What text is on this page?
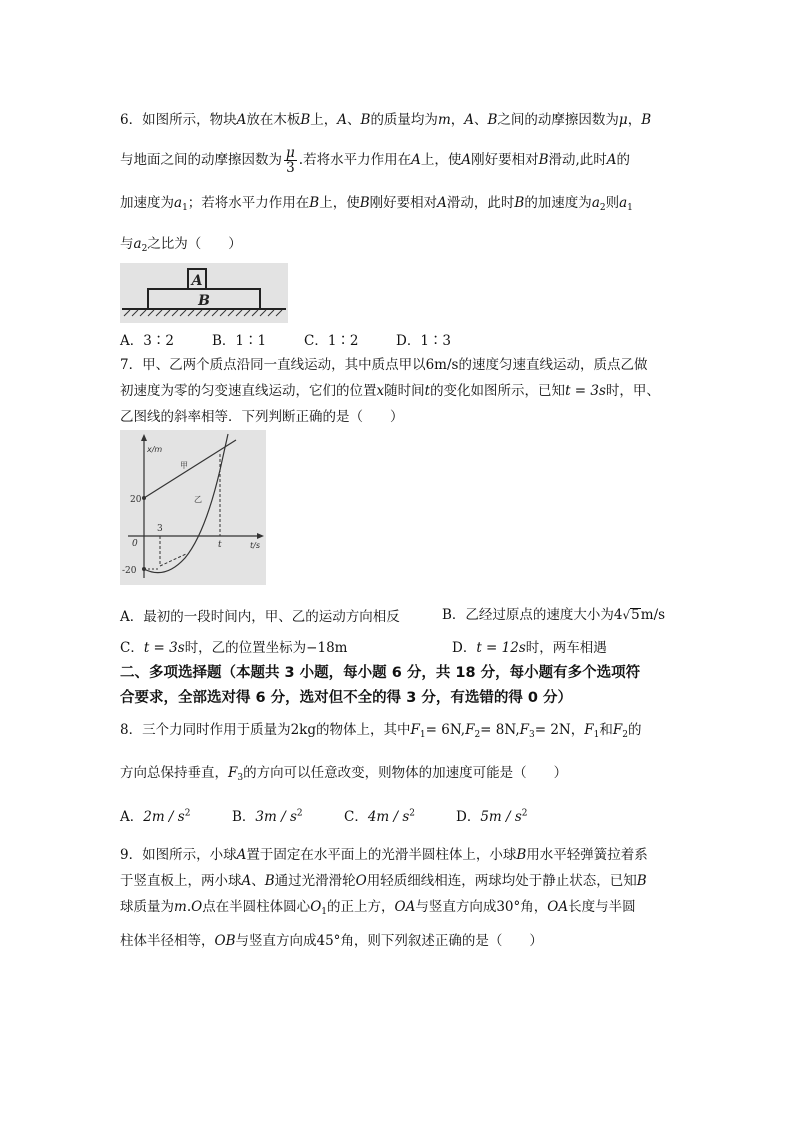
6．如图所示，物块A放在木板B上，A、B的质量均为m，A、B之间的动摩擦因数为μ，B
与地面之间的动摩擦因数为 $\frac{\mu}{3}$ .若将水平力作用在A上，使A刚好要相对B滑动,此时A的
加速度为$a_1$；若将水平力作用在B上，使B刚好要相对A滑动，此时B的加速度为$a_2$则$a_1$
与$a_2$之比为（　　）
A
B
A．3∶2	B．1∶1	C．1∶2	D．1∶3
7．甲、乙两个质点沿同一直线运动，其中质点甲以6m/s的速度匀速直线运动，质点乙做
初速度为零的匀变速直线运动，它们的位置x随时间t的变化如图所示，已知t = 3s时，甲、
乙图线的斜率相等．下列判断正确的是（　　）
x/m
t/s
0
20
-20
3
t
甲
乙
A．最初的一段时间内，甲、乙的运动方向相反	B．乙经过原点的速度大小为4√5m/s
C．t = 3s时，乙的位置坐标为−18m	D．t = 12s时，两车相遇
二、多项选择题（本题共 3 小题，每小题 6 分，共 18 分，每小题有多个选项符
合要求，全部选对得 6 分，选对但不全的得 3 分，有选错的得 0 分）
8．三个力同时作用于质量为2kg的物体上，其中$F_1= 6N,F_2= 8N,F_3= 2N$，$F_1$和$F_2$的
方向总保持垂直，$F_3$的方向可以任意改变，则物体的加速度可能是（　　）
A．$2m / s^2$	B．$3m / s^2$	C．$4m / s^2$	D．$5m / s^2$
9．如图所示，小球A置于固定在水平面上的光滑半圆柱体上，小球B用水平轻弹簧拉着系
于竖直板上，两小球A、B通过光滑滑轮O用轻质细线相连，两球均处于静止状态，已知B
球质量为m.O点在半圆柱体圆心$O_1$的正上方，OA与竖直方向成30°角，OA长度与半圆
柱体半径相等，OB与竖直方向成45°角，则下列叙述正确的是（　　）
